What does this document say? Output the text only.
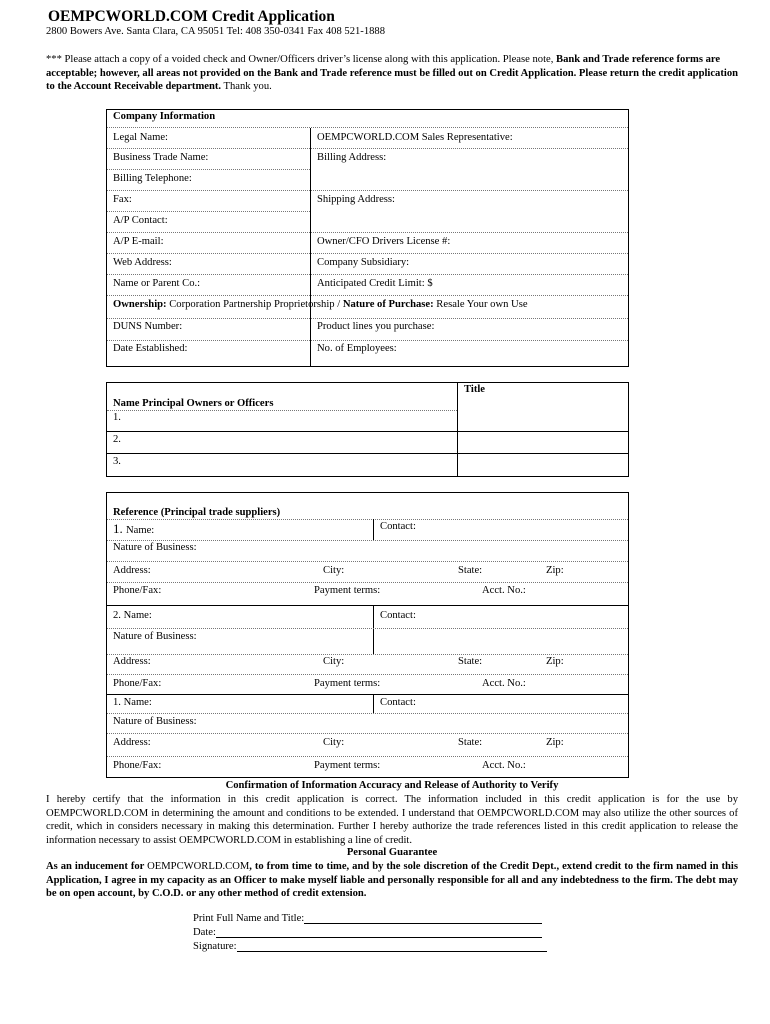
OEMPCWORLD.COM Credit Application
2800 Bowers Ave. Santa Clara, CA 95051 Tel: 408 350-0341 Fax 408 521-1888
*** Please attach a copy of a voided check and Owner/Officers driver’s license along with this application. Please note, Bank and Trade reference forms are acceptable; however, all areas not provided on the Bank and Trade reference must be filled out on Credit Application. Please return the credit application to the Account Receivable department. Thank you.
Company Information
Legal Name:	OEMPCWORLD.COM Sales Representative:
Business Trade Name:	Billing Address:
Billing Telephone:
Fax:	Shipping Address:
A/P Contact:
A/P E-mail:	Owner/CFO Drivers License #:
Web Address:	Company Subsidiary:
Name or Parent Co.:	Anticipated Credit Limit: $
Ownership: Corporation Partnership Proprietorship / Nature of Purchase: Resale Your own Use
DUNS Number:	Product lines you purchase:
Date Established:	No. of Employees:
Title
Name Principal Owners or Officers
1.
2.
3.
Reference (Principal trade suppliers)
1. Name:	Contact:
Nature of Business:
Address:	City:	State:	Zip:
Phone/Fax:	Payment terms:	Acct. No.:
2. Name:	Contact:
Nature of Business:
Address:	City:	State:	Zip:
Phone/Fax:	Payment terms:	Acct. No.:
1. Name:	Contact:
Nature of Business:
Address:	City:	State:	Zip:
Phone/Fax:	Payment terms:	Acct. No.:
Confirmation of Information Accuracy and Release of Authority to Verify
I hereby certify that the information in this credit application is correct. The information included in this credit application is for the use by OEMPCWORLD.COM in determining the amount and conditions to be extended. I understand that OEMPCWORLD.COM may also utilize the other sources of credit, which in considers necessary in making this determination. Further I hereby authorize the trade references listed in this credit application to release the information necessary to assist OEMPCWORLD.COM in establishing a line of credit.
Personal Guarantee
As an inducement for OEMPCWORLD.COM, to from time to time, and by the sole discretion of the Credit Dept., extend credit to the firm named in this Application, I agree in my capacity as an Officer to make myself liable and personally responsible for all and any indebtedness to the firm. The debt may be on open account, by C.O.D. or any other method of credit extension.
Print Full Name and Title:
Date:
Signature:
